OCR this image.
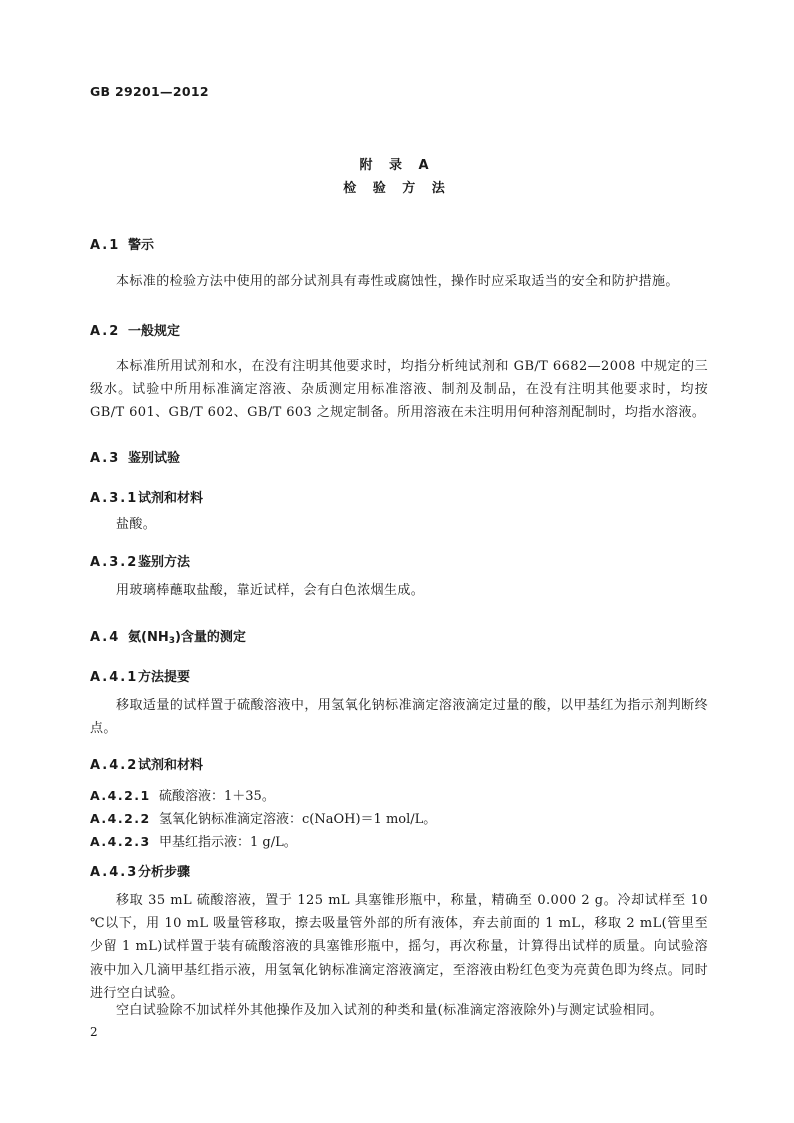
GB 29201—2012
附 录 A
检 验 方 法
A.1 警示

本标准的检验方法中使用的部分试剂具有毒性或腐蚀性，操作时应采取适当的安全和防护措施。

A.2 一般规定

本标准所用试剂和水，在没有注明其他要求时，均指分析纯试剂和 GB/T 6682—2008 中规定的三级水。试验中所用标准滴定溶液、杂质测定用标准溶液、制剂及制品，在没有注明其他要求时，均按 GB/T 601、GB/T 602、GB/T 603 之规定制备。所用溶液在未注明用何种溶剂配制时，均指水溶液。

A.3 鉴别试验
A.3.1试剂和材料

盐酸。

A.3.2鉴别方法

用玻璃棒蘸取盐酸，靠近试样，会有白色浓烟生成。

A.4 氨$(NH_3)$含量的测定
A.4.1方法提要

移取适量的试样置于硫酸溶液中，用氢氧化钠标准滴定溶液滴定过量的酸，以甲基红为指示剂判断终点。

A.4.2试剂和材料
A.4.2.1 硫酸溶液：1＋35。
A.4.2.2 氢氧化钠标准滴定溶液：c(NaOH)＝1 mol/L。
A.4.2.3 甲基红指示液：1 g/L。
A.4.3分析步骤

移取 35 mL 硫酸溶液，置于 125 mL 具塞锥形瓶中，称量，精确至 0.000 2 g。冷却试样至 10 ℃以下，用 10 mL 吸量管移取，擦去吸量管外部的所有液体，弃去前面的 1 mL，移取 2 mL(管里至少留 1 mL)试样置于装有硫酸溶液的具塞锥形瓶中，摇匀，再次称量，计算得出试样的质量。向试验溶液中加入几滴甲基红指示液，用氢氧化钠标准滴定溶液滴定，至溶液由粉红色变为亮黄色即为终点。同时进行空白试验。

空白试验除不加试样外其他操作及加入试剂的种类和量(标准滴定溶液除外)与测定试验相同。

2
